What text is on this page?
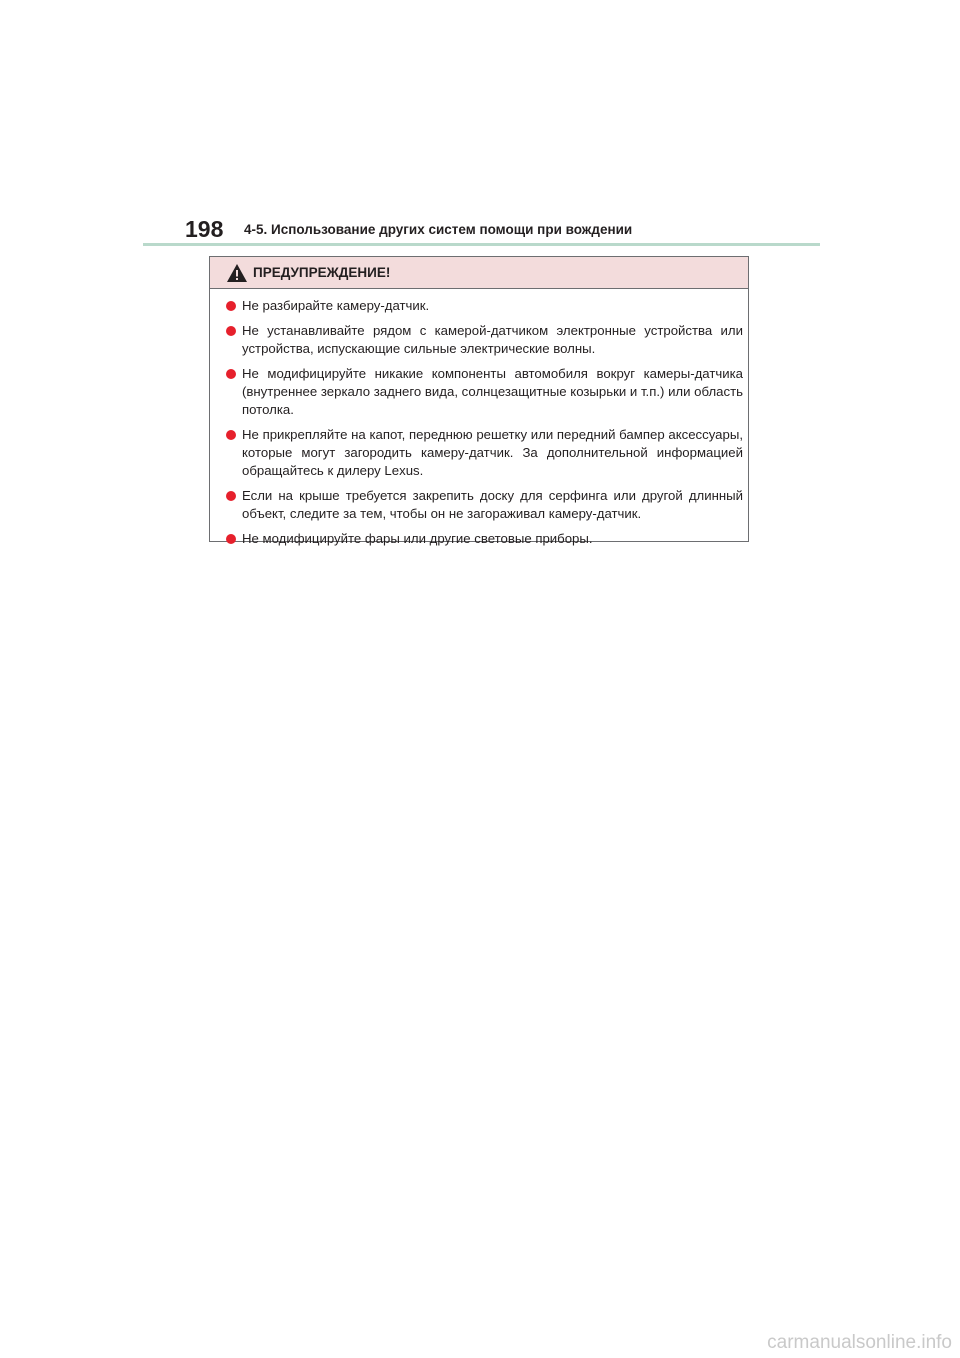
198 4-5. Использование других систем помощи при вождении
ПРЕДУПРЕЖДЕНИЕ!
Не разбирайте камеру-датчик.
Не устанавливайте рядом с камерой-датчиком электронные устройства или устройства, испускающие сильные электрические волны.
Не модифицируйте никакие компоненты автомобиля вокруг камеры-датчика (внутреннее зеркало заднего вида, солнцезащитные козырьки и т.п.) или область потолка.
Не прикрепляйте на капот, переднюю решетку или передний бампер аксессуары, которые могут загородить камеру-датчик. За дополнительной информацией обращайтесь к дилеру Lexus.
Если на крыше требуется закрепить доску для серфинга или другой длинный объект, следите за тем, чтобы он не загораживал камеру-датчик.
Не модифицируйте фары или другие световые приборы.
carmanualsonline.info
